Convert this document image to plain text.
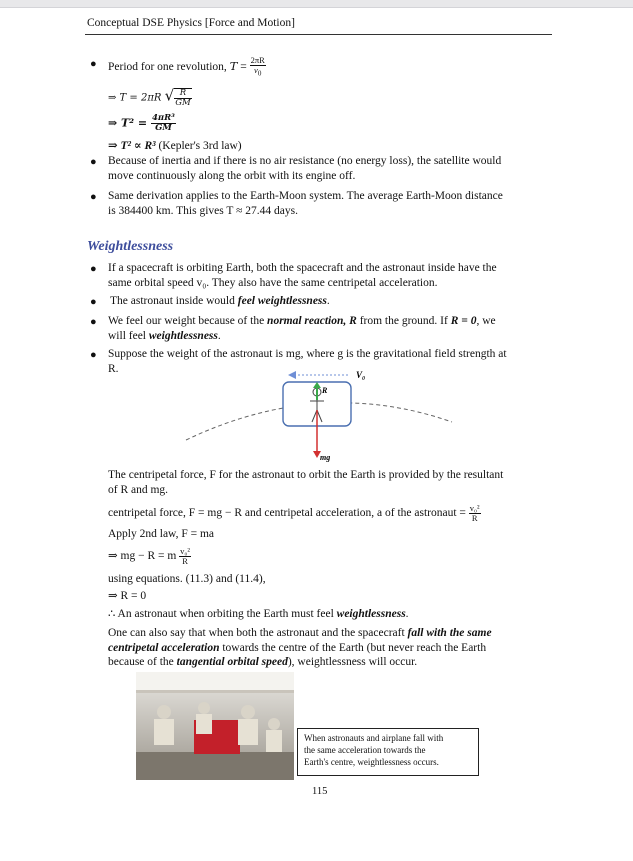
Conceptual DSE Physics [Force and Motion]
● Period for one revolution, $T = \frac{2\pi R}{v_0}$
⇒ T = 2πR √ $\frac{R}{GM}$
⇒ $T^2 = \frac{\text{4πR³}}{GM}$
⇒ T² ∝ R³ (Kepler's 3rd law)
● Because of inertia and if there is no air resistance (no energy loss), the satellite would
move continuously along the orbit with its engine off.
● Same derivation applies to the Earth-Moon system. The average Earth-Moon distance
is 384400 km. This gives T ≈ 27.44 days.
Weightlessness
● If a spacecraft is orbiting Earth, both the spacecraft and the astronaut inside have the
same orbital speed v₀. They also have the same centripetal acceleration.
● The astronaut inside would feel weightlessness.
● We feel our weight because of the normal reaction, R from the ground. If R = 0, we
will feel weightlessness.
● Suppose the weight of the astronaut is mg, where g is the gravitational field strength at
R.
V₀
R
mg
The centripetal force, F for the astronaut to orbit the Earth is provided by the resultant
of R and mg.
centripetal force, F = mg − R and centripetal acceleration, a of the astronaut = $\frac{\text{v₀²}}{R}$
Apply 2nd law, F = ma
⇒ mg − R = m $\frac{\text{v₀²}}{R}$
using equations. (11.3) and (11.4),
⇒ R = 0
∴ An astronaut when orbiting the Earth must feel weightlessness.
One can also say that when both the astronaut and the spacecraft fall with the same
centripetal acceleration towards the centre of the Earth (but never reach the Earth
because of the tangential orbital speed), weightlessness will occur.
When astronauts and airplane fall with
the same acceleration towards the
Earth's centre, weightlessness occurs.
115
